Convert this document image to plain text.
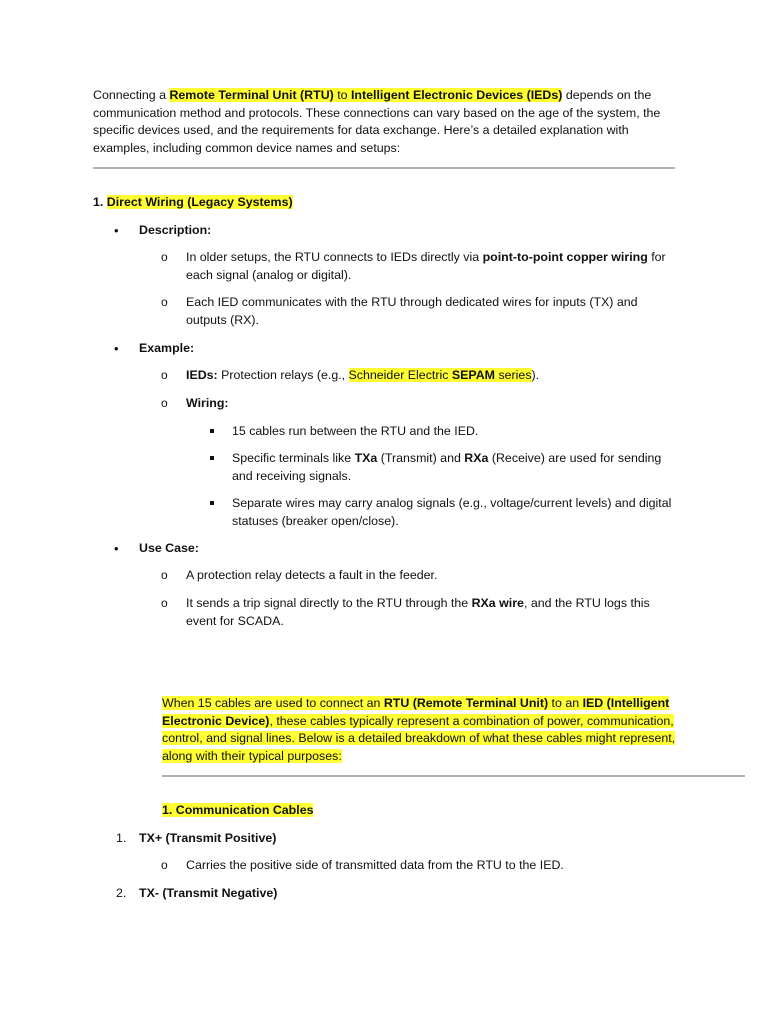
Connecting a Remote Terminal Unit (RTU) to Intelligent Electronic Devices (IEDs) depends on the communication method and protocols. These connections can vary based on the age of the system, the specific devices used, and the requirements for data exchange. Here’s a detailed explanation with examples, including common device names and setups:
1. Direct Wiring (Legacy Systems)
Description:
o In older setups, the RTU connects to IEDs directly via point-to-point copper wiring for each signal (analog or digital).
o Each IED communicates with the RTU through dedicated wires for inputs (TX) and outputs (RX).
Example:
o IEDs: Protection relays (e.g., Schneider Electric SEPAM series).
o Wiring:
15 cables run between the RTU and the IED.
Specific terminals like TXa (Transmit) and RXa (Receive) are used for sending and receiving signals.
Separate wires may carry analog signals (e.g., voltage/current levels) and digital statuses (breaker open/close).
Use Case:
o A protection relay detects a fault in the feeder.
o It sends a trip signal directly to the RTU through the RXa wire, and the RTU logs this event for SCADA.
When 15 cables are used to connect an RTU (Remote Terminal Unit) to an IED (Intelligent Electronic Device), these cables typically represent a combination of power, communication, control, and signal lines. Below is a detailed breakdown of what these cables might represent, along with their typical purposes:
1. Communication Cables
1. TX+ (Transmit Positive)
o Carries the positive side of transmitted data from the RTU to the IED.
2. TX- (Transmit Negative)
